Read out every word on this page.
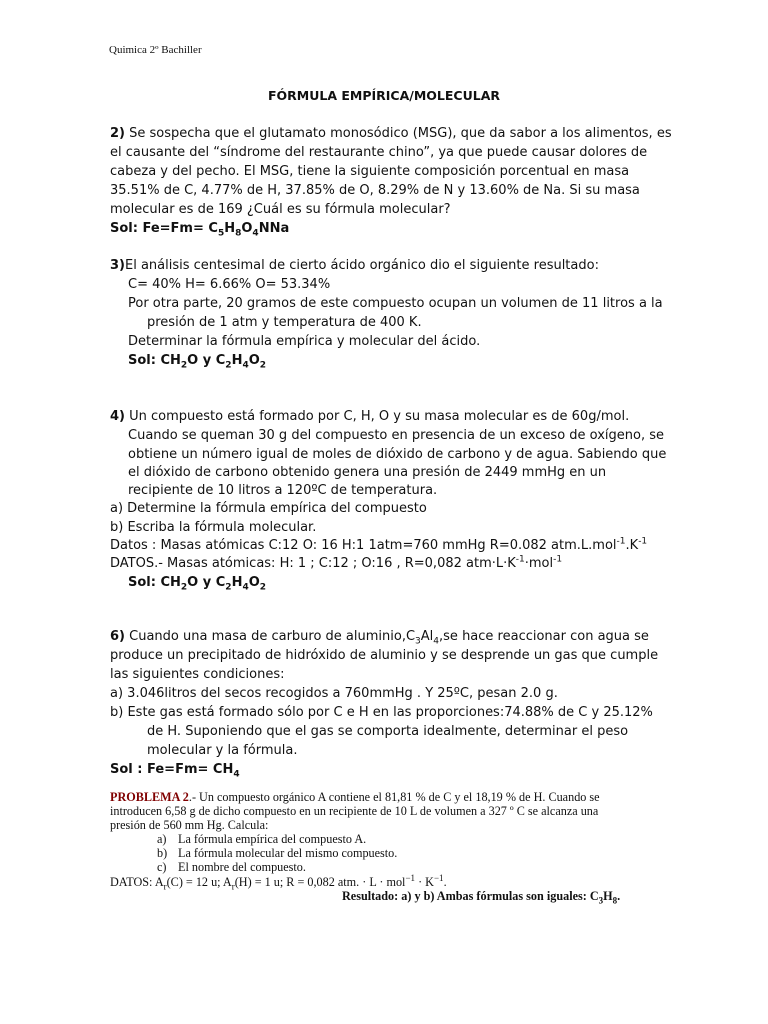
Quimica 2º Bachiller
FÓRMULA EMPÍRICA/MOLECULAR
2) Se sospecha que el glutamato monosódico (MSG), que da sabor a los alimentos, es
el causante del “síndrome del restaurante chino”, ya que puede causar dolores de
cabeza y del pecho. El MSG, tiene la siguiente composición porcentual en masa
35.51% de C, 4.77% de H, 37.85% de O, 8.29% de N y 13.60% de Na. Si su masa
molecular es de 169 ¿Cuál es su fórmula molecular?
Sol: $Fe=Fm= C_5H_8O_4NNa$
3)El análisis centesimal de cierto ácido orgánico dio el siguiente resultado:
C= 40% H= 6.66% O= 53.34%
Por otra parte, 20 gramos de este compuesto ocupan un volumen de 11 litros a la
presión de 1 atm y temperatura de 400 K.
Determinar la fórmula empírica y molecular del ácido.
Sol: $CH_2O$ y $C_2H_4O_2$
4) Un compuesto está formado por C, H, O y su masa molecular es de 60g/mol.
Cuando se queman 30 g del compuesto en presencia de un exceso de oxígeno, se
obtiene un número igual de moles de dióxido de carbono y de agua. Sabiendo que
el dióxido de carbono obtenido genera una presión de 2449 mmHg en un
recipiente de 10 litros a 120ºC de temperatura.
a) Determine la fórmula empírica del compuesto
b) Escriba la fórmula molecular.
Datos : Masas atómicas C:12 O: 16 H:1 1atm=760 mmHg R=0.082 $atm.L.mol^{-1}.K^{-1}$
DATOS.- Masas atómicas: H: 1 ; C:12 ; O:16 , R=0,082 $atm\cdot L\cdot K^{-1}\cdot mol^{-1}$
Sol: $CH_2O$ y $C_2H_4O_2$
6) Cuando una masa de carburo de $aluminio,C_3Al_4,se$ hace reaccionar con agua se
produce un precipitado de hidróxido de aluminio y se desprende un gas que cumple
las siguientes condiciones:
a) 3.046litros del secos recogidos a 760mmHg . Y 25ºC, pesan 2.0 g.
b) Este gas está formado sólo por C e H en las proporciones:74.88% de C y 25.12%
de H. Suponiendo que el gas se comporta idealmente, determinar el peso
molecular y la fórmula.
Sol : $Fe=Fm= CH_4$
PROBLEMA 2.- Un compuesto orgánico A contiene el 81,81 % de C y el 18,19 % de H. Cuando se
introducen 6,58 g de dicho compuesto en un recipiente de 10 L de volumen a 327 º C se alcanza una
presión de 560 mm Hg. Calcula:
a) La fórmula empírica del compuesto A.
b) La fórmula molecular del mismo compuesto.
c) El nombre del compuesto.
DATOS: $A_r(C) = 12$ u; $A_r(H) = 1$ u; R = 0,082 atm. · $L \cdot mol^{-1} \cdot K^{-1}$.
Resultado: a) y b) Ambas fórmulas son iguales: $C_3H_8$.
